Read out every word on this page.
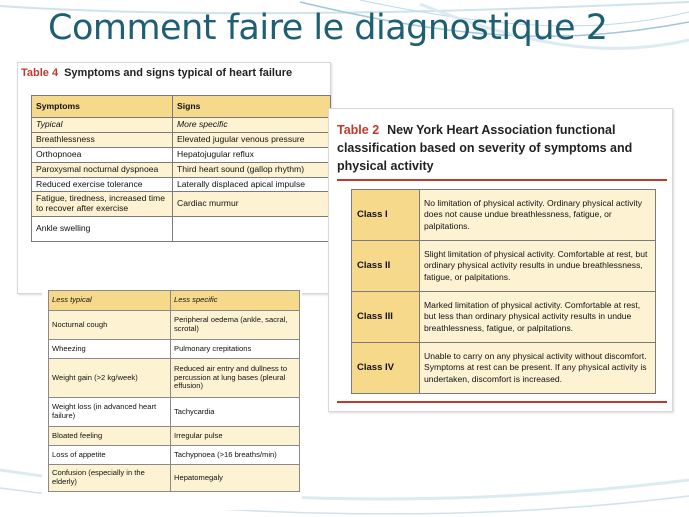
Comment faire le diagnostique 2
Table 4 Symptoms and signs typical of heart failure
Symptoms	Signs
Typical	More specific
Breathlessness	Elevated jugular venous pressure
Orthopnoea	Hepatojugular reflux
Paroxysmal nocturnal dyspnoea	Third heart sound (gallop rhythm)
Reduced exercise tolerance	Laterally displaced apical impulse
Fatigue, tiredness, increased time to recover after exercise	Cardiac murmur
Ankle swelling	
Less typical	Less specific
Nocturnal cough	Peripheral oedema (ankle, sacral, scrotal)
Wheezing	Pulmonary crepitations
Weight gain (>2 kg/week)	Reduced air entry and dullness to percussion at lung bases (pleural effusion)
Weight loss (in advanced heart failure)	Tachycardia
Bloated feeling	Irregular pulse
Loss of appetite	Tachypnoea (>16 breaths/min)
Confusion (especially in the elderly)	Hepatomegaly
Table 2 New York Heart Association functional classification based on severity of symptoms and physical activity
Class I	No limitation of physical activity. Ordinary physical activity does not cause undue breathlessness, fatigue, or palpitations.
Class II	Slight limitation of physical activity. Comfortable at rest, but ordinary physical activity results in undue breathlessness, fatigue, or palpitations.
Class III	Marked limitation of physical activity. Comfortable at rest, but less than ordinary physical activity results in undue breathlessness, fatigue, or palpitations.
Class IV	Unable to carry on any physical activity without discomfort. Symptoms at rest can be present. If any physical activity is undertaken, discomfort is increased.
